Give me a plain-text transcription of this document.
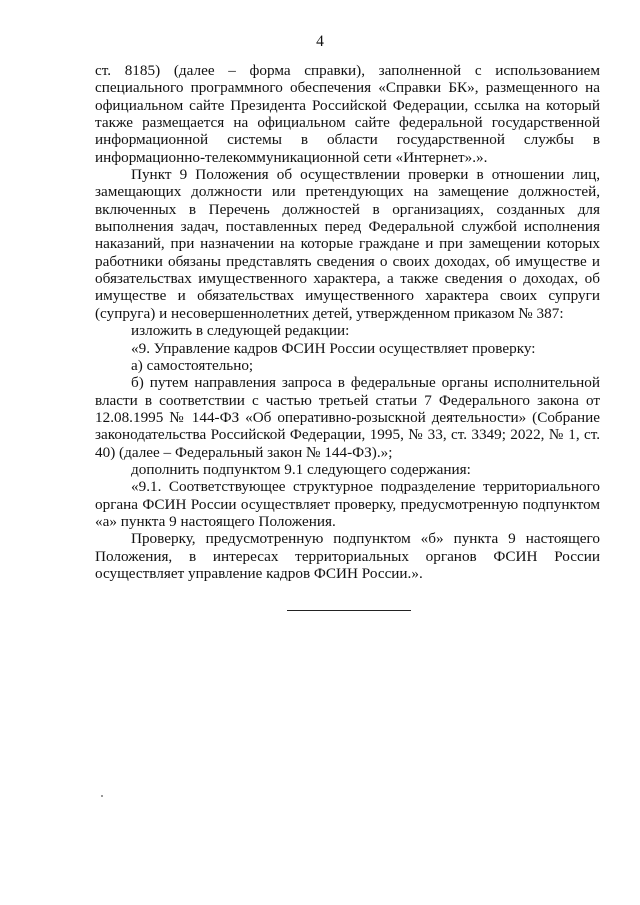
4

ст. 8185) (далее – форма справки), заполненной с использованием специального программного обеспечения «Справки БК», размещенного на официальном сайте Президента Российской Федерации, ссылка на который также размещается на официальном сайте федеральной государственной информационной системы в области государственной службы в информационно-телекоммуникационной сети «Интернет».».

Пункт 9 Положения об осуществлении проверки в отношении лиц, замещающих должности или претендующих на замещение должностей, включенных в Перечень должностей в организациях, созданных для выполнения задач, поставленных перед Федеральной службой исполнения наказаний, при назначении на которые граждане и при замещении которых работники обязаны представлять сведения о своих доходах, об имуществе и обязательствах имущественного характера, а также сведения о доходах, об имуществе и обязательствах имущественного характера своих супруги (супруга) и несовершеннолетних детей, утвержденном приказом № 387:

изложить в следующей редакции:

«9. Управление кадров ФСИН России осуществляет проверку:

а) самостоятельно;

б) путем направления запроса в федеральные органы исполнительной власти в соответствии с частью третьей статьи 7 Федерального закона от 12.08.1995 № 144-ФЗ «Об оперативно-розыскной деятельности» (Собрание законодательства Российской Федерации, 1995, № 33, ст. 3349; 2022, № 1, ст. 40) (далее – Федеральный закон № 144-ФЗ).»;

дополнить подпунктом 9.1 следующего содержания:

«9.1. Соответствующее структурное подразделение территориального органа ФСИН России осуществляет проверку, предусмотренную подпунктом «а» пункта 9 настоящего Положения.

Проверку, предусмотренную подпунктом «б» пункта 9 настоящего Положения, в интересах территориальных органов ФСИН России осуществляет управление кадров ФСИН России.».
